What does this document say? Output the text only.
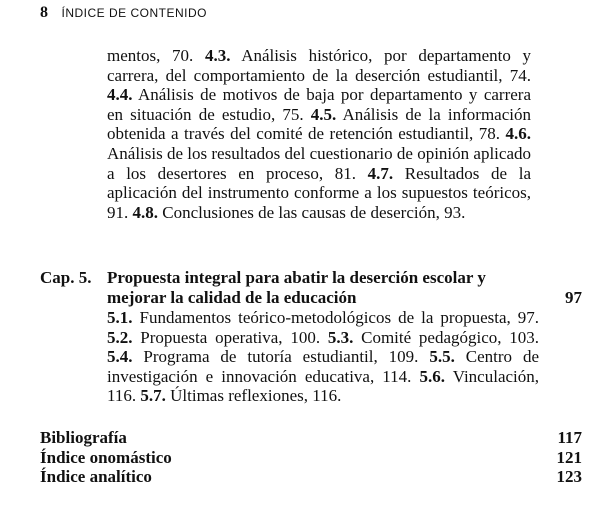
8 ÍNDICE DE CONTENIDO
mentos, 70. 4.3. Análisis histórico, por departamento y carrera, del comportamiento de la deserción estudiantil, 74. 4.4. Análisis de motivos de baja por departamento y carrera en situación de estudio, 75. 4.5. Análisis de la información obtenida a través del comité de retención estudiantil, 78. 4.6. Análisis de los resultados del cuestionario de opinión aplicado a los desertores en proceso, 81. 4.7. Resultados de la aplicación del instrumento conforme a los supuestos teóricos, 91. 4.8. Conclusiones de las causas de deserción, 93.
Cap. 5. Propuesta integral para abatir la deserción escolar y mejorar la calidad de la educación	97
5.1. Fundamentos teórico-metodológicos de la propuesta, 97. 5.2. Propuesta operativa, 100. 5.3. Comité pedagógico, 103. 5.4. Programa de tutoría estudiantil, 109. 5.5. Centro de investigación e innovación educativa, 114. 5.6. Vinculación, 116. 5.7. Últimas reflexiones, 116.
Bibliografía	117
Índice onomástico	121
Índice analítico	123
